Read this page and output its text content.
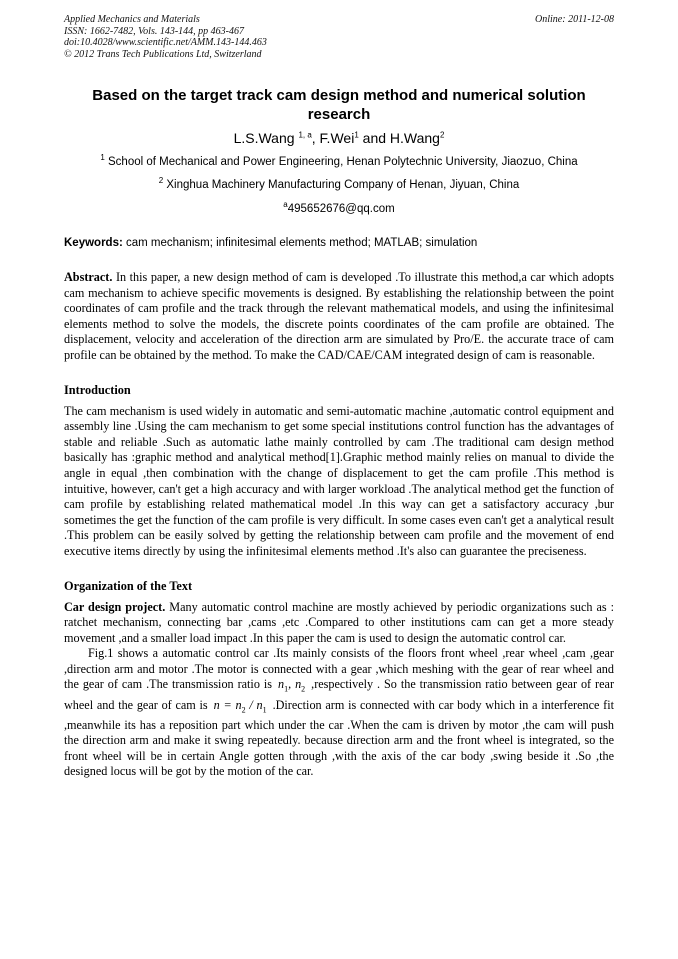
Applied Mechanics and Materials	Online: 2011-12-08
ISSN: 1662-7482, Vols. 143-144, pp 463-467
doi:10.4028/www.scientific.net/AMM.143-144.463
© 2012 Trans Tech Publications Ltd, Switzerland
Based on the target track cam design method and numerical solution research
L.S.Wang $^{1, a}$, F.Wei$^1$ and H.Wang$^2$
$^1$ School of Mechanical and Power Engineering, Henan Polytechnic University, Jiaozuo, China
$^2$ Xinghua Machinery Manufacturing Company of Henan, Jiyuan, China
$^a$495652676@qq.com
Keywords: cam mechanism; infinitesimal elements method; MATLAB; simulation

Abstract. In this paper, a new design method of cam is developed .To illustrate this method,a car which adopts cam mechanism to achieve specific movements is designed. By establishing the relationship between the point coordinates of cam profile and the track through the relevant mathematical models, and using the infinitesimal elements method to solve the models, the discrete points coordinates of the cam profile are obtained. The displacement, velocity and acceleration of the direction arm are simulated by Pro/E. the accurate trace of cam profile can be obtained by the method. To make the CAD/CAE/CAM integrated design of cam is reasonable.

Introduction

The cam mechanism is used widely in automatic and semi-automatic machine ,automatic control equipment and assembly line .Using the cam mechanism to get some special institutions control function has the advantages of stable and reliable .Such as automatic lathe mainly controlled by cam .The traditional cam design method basically has :graphic method and analytical method[1].Graphic method mainly relies on manual to divide the angle in equal ,then combination with the change of displacement to get the cam profile .This method is intuitive, however, can't get a high accuracy and with larger workload .The analytical method get the function of cam profile by establishing related mathematical model .In this way can get a satisfactory accuracy ,bur sometimes the get the function of the cam profile is very difficult. In some cases even can't get a analytical result .This problem can be easily solved by getting the relationship between cam profile and the movement of end executive items directly by using the infinitesimal elements method .It's also can guarantee the preciseness.

Organization of the Text

Car design project. Many automatic control machine are mostly achieved by periodic organizations such as : ratchet mechanism, connecting bar ,cams ,etc .Compared to other institutions cam can get a more steady movement ,and a smaller load impact .In this paper the cam is used to design the automatic control car.

Fig.1 shows a automatic control car .Its mainly consists of the floors front wheel ,rear wheel ,cam ,gear ,direction arm and motor .The motor is connected with a gear ,which meshing with the gear of rear wheel and the gear of cam .The transmission ratio is $n_1$, $n_2$ ,respectively . So the transmission ratio between gear of rear wheel and the gear of cam is $n = n_2 / n_1$ .Direction arm is connected with car body which in a interference fit ,meanwhile its has a reposition part which under the car .When the cam is driven by motor ,the cam will push the direction arm and make it swing repeatedly. because direction arm and the front wheel is integrated, so the front wheel will be in certain Angle gotten through ,with the axis of the car body ,swing beside it .So ,the designed locus will be got by the motion of the car.
